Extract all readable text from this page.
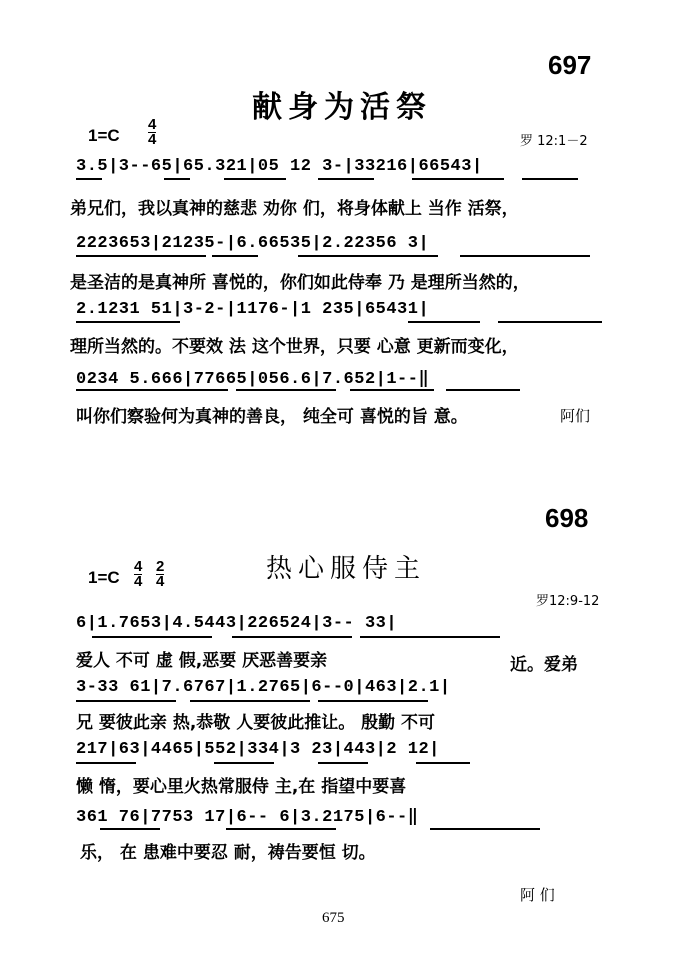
697
献身为活祭
$1=C \frac{4}{4}$	罗 12:1－2
3.5|3--65|65.321|05 12 3-|33216|66543|
弟兄们，我以真神的慈悲 劝你 们，将身体献上 当作 活祭，
2223653|21235-|6.66535|2.22356 3|
是圣洁的是真神所 喜悦的，你们如此侍奉 乃 是理所当然的，
2.1231 51|3-2-|1176-|1 235|65431|
理所当然的。不要效 法 这个世界，只要 心意 更新而变化，
0234 5.666|77665|056.6|7.652|1--‖
叫你们察验何为真神的善良， 纯全可 喜悦的旨 意。	阿们
698
热心服侍主
$1=C \frac{4}{4} \frac{2}{4}$
罗12:9-12
6|1.7653|4.5443|226524|3-- 33|
爱人 不可 虚 假,恶要 厌恶善要亲	近。爱弟
3-33 61|7.6767|1.2765|6--0|463|2.1|
兄 要彼此亲 热,恭敬 人要彼此推让。 殷勤 不可
217|63|4465|552|334|3 23|443|2 12|
懒 惰，要心里火热常服侍 主,在 指望中要喜
361 76|7753 17|6-- 6|3.2175|6--‖
乐， 在 患难中要忍 耐，祷告要恒 切。
阿 们
675
